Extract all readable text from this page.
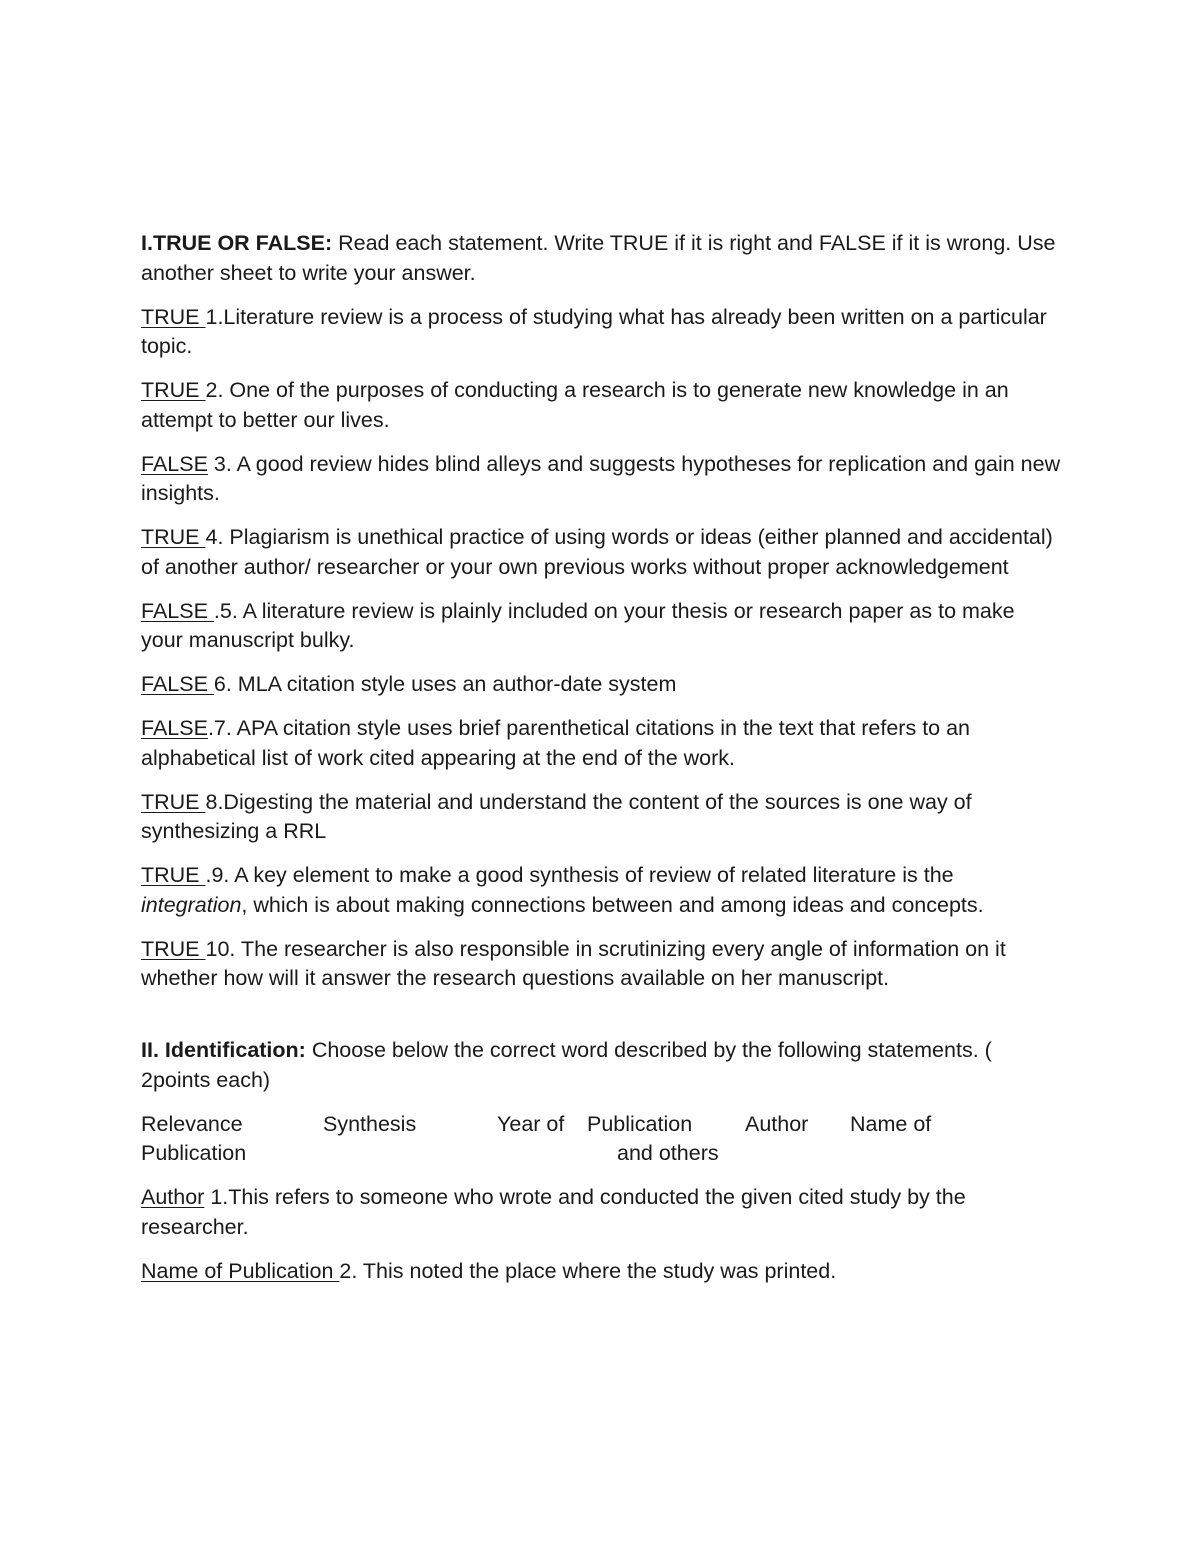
I.TRUE OR FALSE: Read each statement. Write TRUE if it is right and FALSE if it is wrong. Use another sheet to write your answer.

TRUE 1.Literature review is a process of studying what has already been written on a particular topic.

TRUE 2. One of the purposes of conducting a research is to generate new knowledge in an attempt to better our lives.

FALSE 3. A good review hides blind alleys and suggests hypotheses for replication and gain new insights.

TRUE 4. Plagiarism is unethical practice of using words or ideas (either planned and accidental) of another author/ researcher or your own previous works without proper acknowledgement

FALSE .5. A literature review is plainly included on your thesis or research paper as to make your manuscript bulky.

FALSE 6. MLA citation style uses an author-date system

FALSE.7. APA citation style uses brief parenthetical citations in the text that refers to an alphabetical list of work cited appearing at the end of the work.

TRUE 8.Digesting the material and understand the content of the sources is one way of synthesizing a RRL

TRUE .9. A key element to make a good synthesis of review of related literature is the integration, which is about making connections between and among ideas and concepts.

TRUE 10. The researcher is also responsible in scrutinizing every angle of information on it whether how will it answer the research questions available on her manuscript.

II. Identification: Choose below the correct word described by the following statements. ( 2points each)

Relevance	Synthesis	Year of Publication Author Name of
Publication	and others

Author 1.This refers to someone who wrote and conducted the given cited study by the researcher.

Name of Publication 2. This noted the place where the study was printed.
